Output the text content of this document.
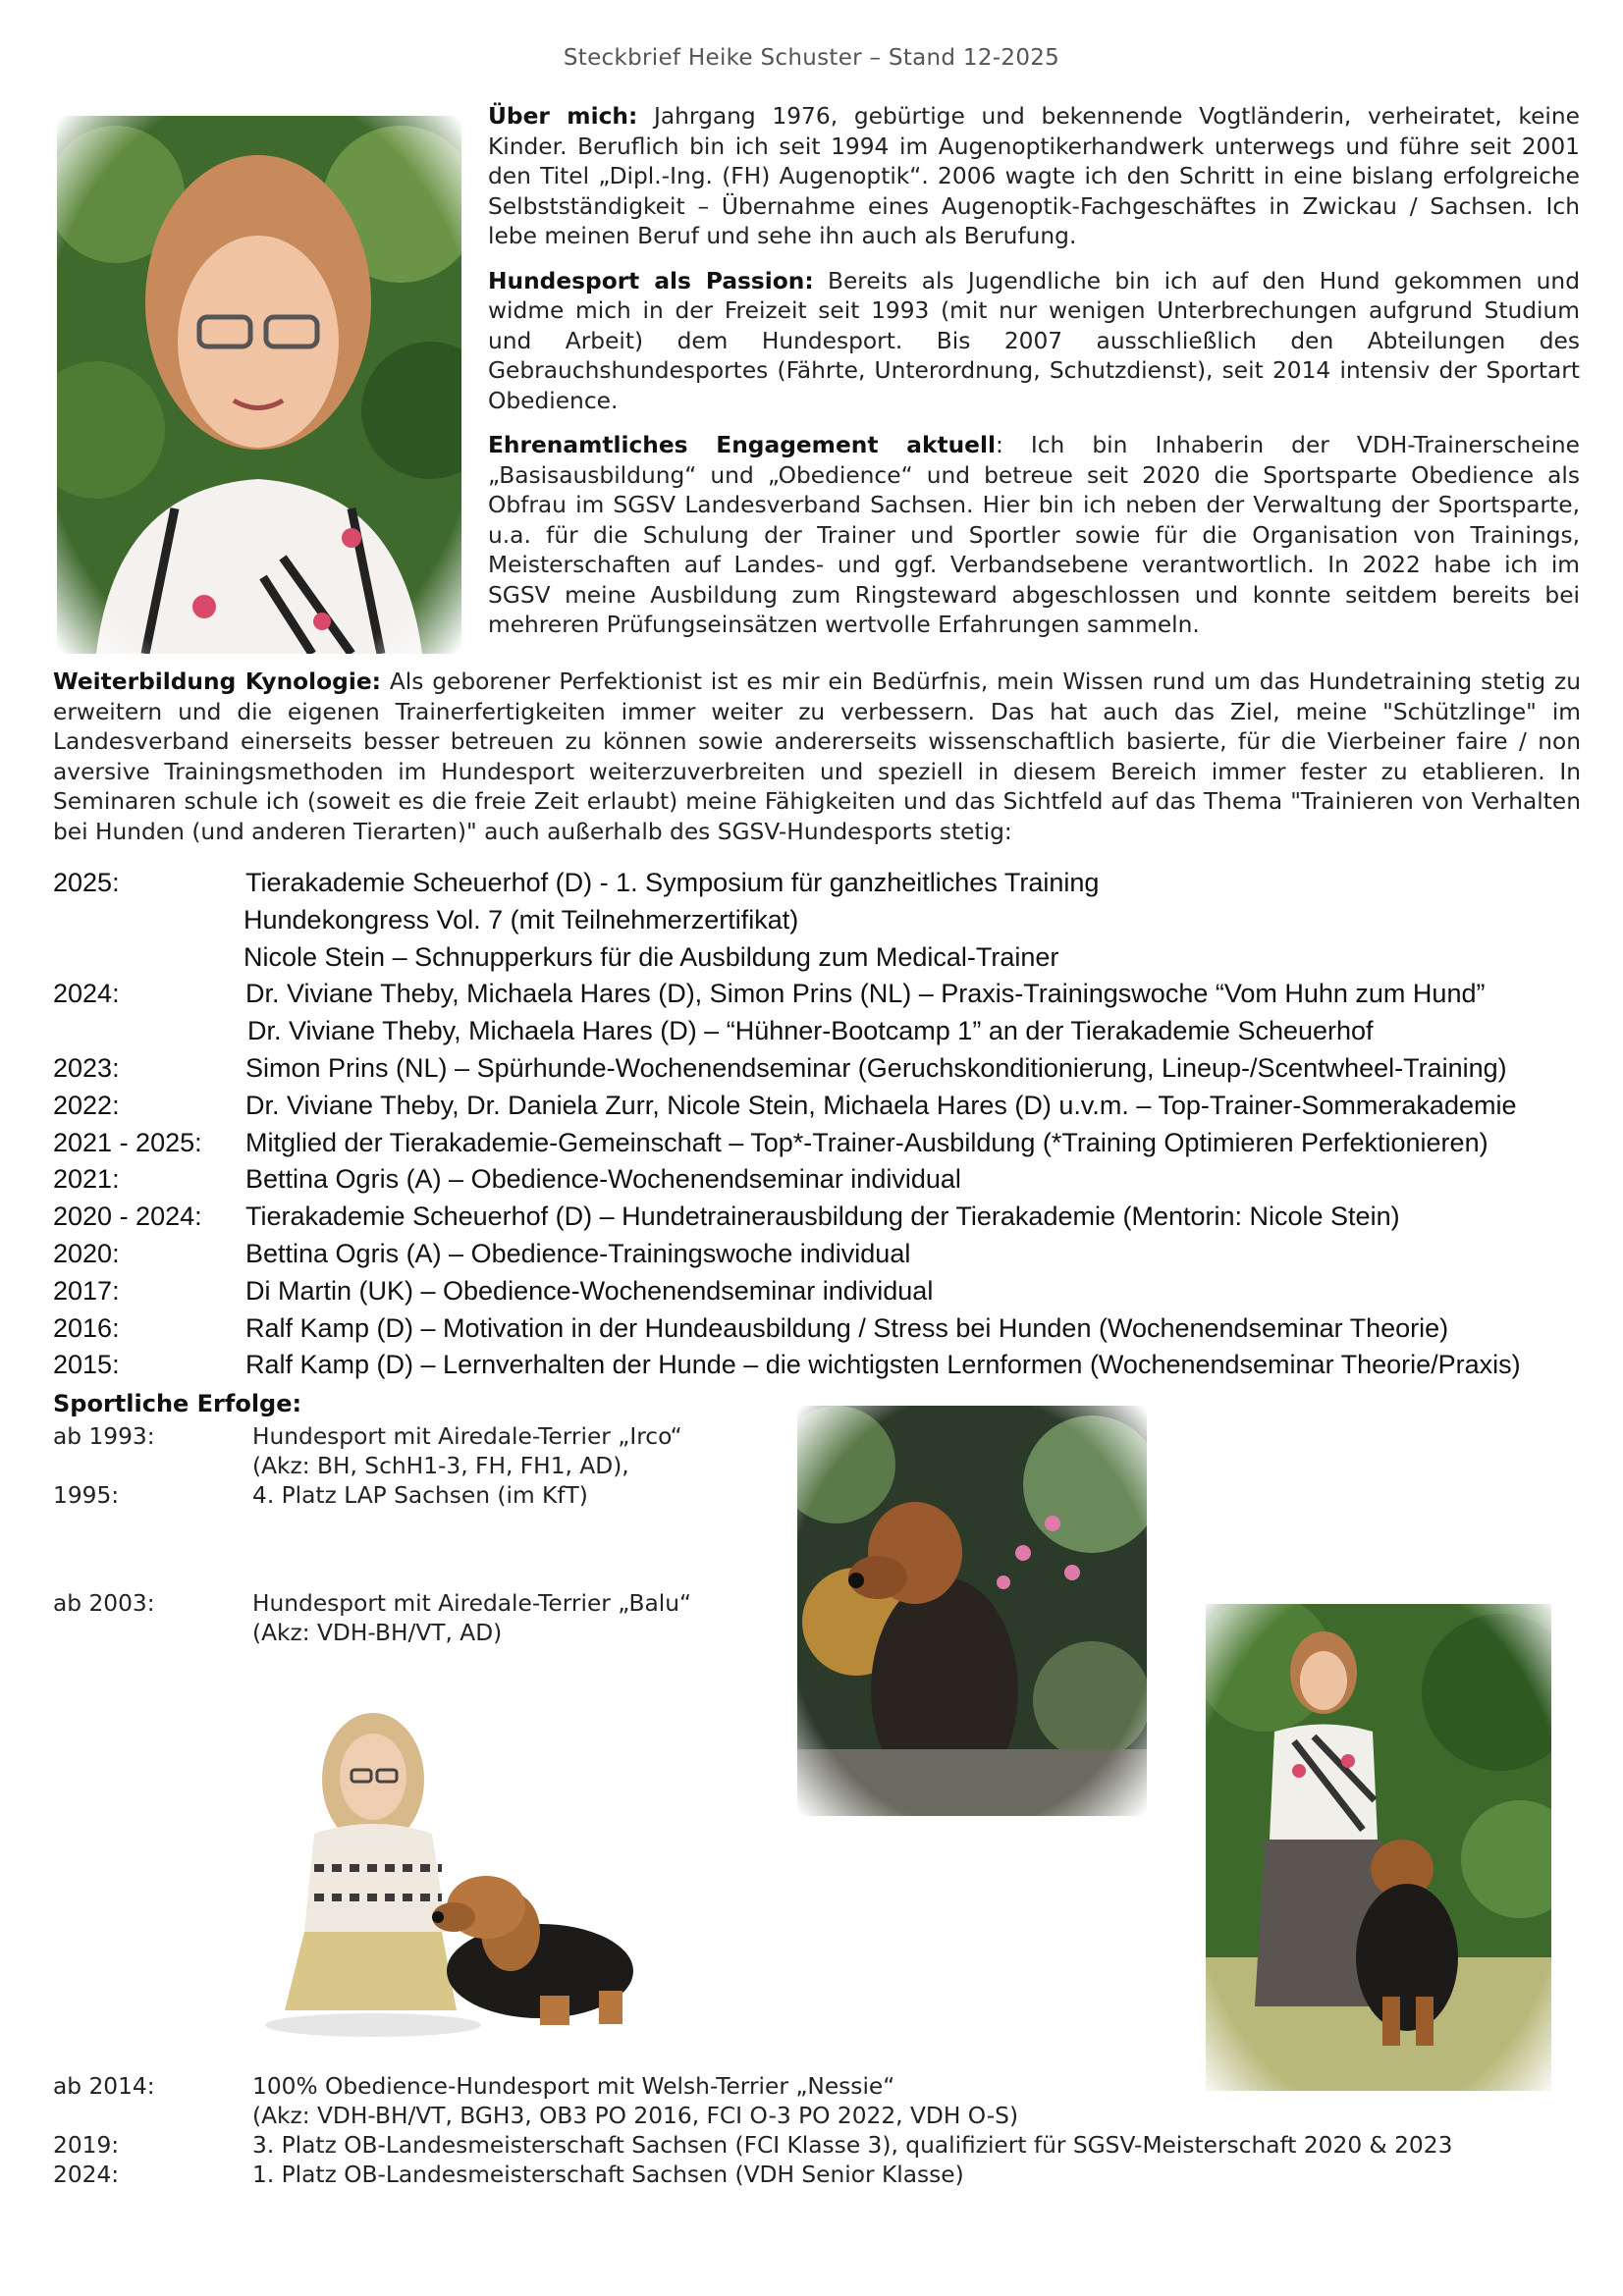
Steckbrief Heike Schuster – Stand 12-2025

Über mich: Jahrgang 1976, gebürtige und bekennende Vogtländerin, verheiratet, keine Kinder. Beruflich bin ich seit 1994 im Augenoptikerhandwerk unterwegs und führe seit 2001 den Titel „Dipl.-Ing. (FH) Augenoptik“. 2006 wagte ich den Schritt in eine bislang erfolgreiche Selbstständigkeit – Übernahme eines Augenoptik-Fachgeschäftes in Zwickau / Sachsen. Ich lebe meinen Beruf und sehe ihn auch als Berufung.

Hundesport als Passion: Bereits als Jugendliche bin ich auf den Hund gekommen und widme mich in der Freizeit seit 1993 (mit nur wenigen Unterbrechungen aufgrund Studium und Arbeit) dem Hundesport. Bis 2007 ausschließlich den Abteilungen des Gebrauchshundesportes (Fährte, Unterordnung, Schutzdienst), seit 2014 intensiv der Sportart Obedience.

Ehrenamtliches Engagement aktuell: Ich bin Inhaberin der VDH-Trainerscheine „Basisausbildung“ und „Obedience“ und betreue seit 2020 die Sportsparte Obedience als Obfrau im SGSV Landesverband Sachsen. Hier bin ich neben der Verwaltung der Sportsparte, u.a. für die Schulung der Trainer und Sportler sowie für die Organisation von Trainings, Meisterschaften auf Landes- und ggf. Verbandsebene verantwortlich. In 2022 habe ich im SGSV meine Ausbildung zum Ringsteward abgeschlossen und konnte seitdem bereits bei mehreren Prüfungseinsätzen wertvolle Erfahrungen sammeln.

Weiterbildung Kynologie: Als geborener Perfektionist ist es mir ein Bedürfnis, mein Wissen rund um das Hundetraining stetig zu erweitern und die eigenen Trainerfertigkeiten immer weiter zu verbessern. Das hat auch das Ziel, meine "Schützlinge" im Landesverband einerseits besser betreuen zu können sowie andererseits wissenschaftlich basierte, für die Vierbeiner faire / non aversive Trainingsmethoden im Hundesport weiterzuverbreiten und speziell in diesem Bereich immer fester zu etablieren. In Seminaren schule ich (soweit es die freie Zeit erlaubt) meine Fähigkeiten und das Sichtfeld auf das Thema "Trainieren von Verhalten bei Hunden (und anderen Tierarten)" auch außerhalb des SGSV-Hundesports stetig:

2025:	Tierakademie Scheuerhof (D) - 1. Symposium für ganzheitliches Training
Hundekongress Vol. 7 (mit Teilnehmerzertifikat)
Nicole Stein – Schnupperkurs für die Ausbildung zum Medical-Trainer
2024:	Dr. Viviane Theby, Michaela Hares (D), Simon Prins (NL) – Praxis-Trainingswoche “Vom Huhn zum Hund”
Dr. Viviane Theby, Michaela Hares (D) – “Hühner-Bootcamp 1” an der Tierakademie Scheuerhof
2023:	Simon Prins (NL) – Spürhunde-Wochenendseminar (Geruchskonditionierung, Lineup-/Scentwheel-Training)
2022:	Dr. Viviane Theby, Dr. Daniela Zurr, Nicole Stein, Michaela Hares (D) u.v.m. – Top-Trainer-Sommerakademie
2021 - 2025: Mitglied der Tierakademie-Gemeinschaft – Top*-Trainer-Ausbildung (*Training Optimieren Perfektionieren)
2021:	Bettina Ogris (A) – Obedience-Wochenendseminar individual
2020 - 2024: Tierakademie Scheuerhof (D) – Hundetrainerausbildung der Tierakademie (Mentorin: Nicole Stein)
2020:	Bettina Ogris (A) – Obedience-Trainingswoche individual
2017:	Di Martin (UK) – Obedience-Wochenendseminar individual
2016:	Ralf Kamp (D) – Motivation in der Hundeausbildung / Stress bei Hunden (Wochenendseminar Theorie)
2015:	Ralf Kamp (D) – Lernverhalten der Hunde – die wichtigsten Lernformen (Wochenendseminar Theorie/Praxis)
Sportliche Erfolge:
ab 1993:	Hundesport mit Airedale-Terrier „Irco“
(Akz: BH, SchH1-3, FH, FH1, AD),
1995:	4. Platz LAP Sachsen (im KfT)
ab 2003:	Hundesport mit Airedale-Terrier „Balu“
(Akz: VDH-BH/VT, AD)
ab 2014:	100% Obedience-Hundesport mit Welsh-Terrier „Nessie“
(Akz: VDH-BH/VT, BGH3, OB3 PO 2016, FCI O-3 PO 2022, VDH O-S)
2019:	3. Platz OB-Landesmeisterschaft Sachsen (FCI Klasse 3), qualifiziert für SGSV-Meisterschaft 2020 & 2023
2024:	1. Platz OB-Landesmeisterschaft Sachsen (VDH Senior Klasse)
